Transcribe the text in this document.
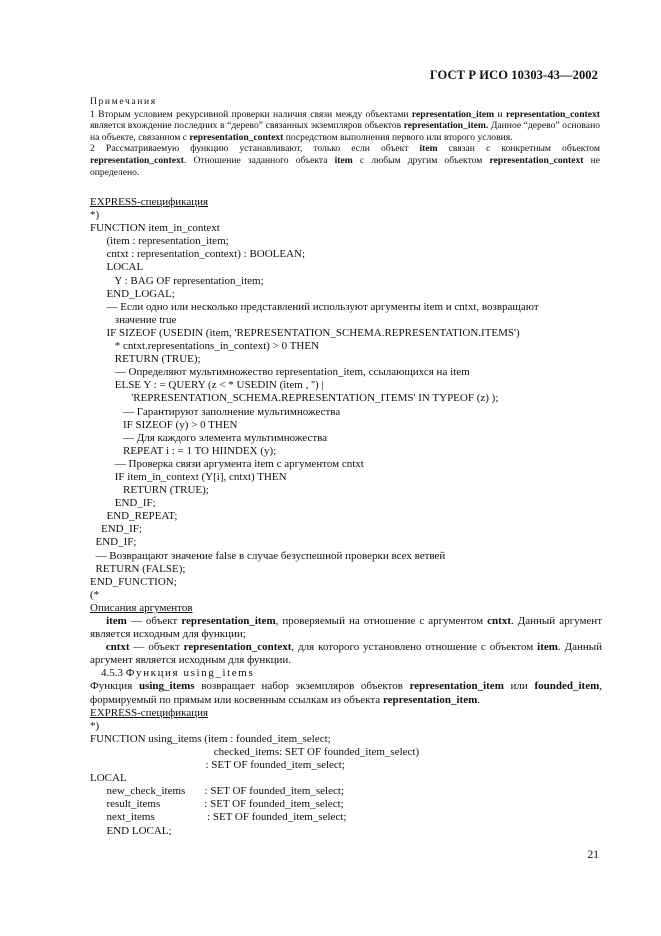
ГОСТ Р ИСО 10303-43—2002

Примечания

1 Вторым условием рекурсивной проверки наличия связи между объектами representation_item и representation_context является вхождение последних в “дерево” связанных экземпляров объектов representation_item. Данное “дерево” основано на объекте, связанном с representation_context посредством выполнения первого или второго условия.

2 Рассматриваемую функцию устанавливают, только если объект item связан с конкретным объектом representation_context. Отношение заданного объекта item с любым другим объектом representation_context не определено.

EXPRESS-спецификация
*)
FUNCTION item_in_context
(item : representation_item;
cntxt : representation_context) : BOOLEAN;
LOCAL
Y : BAG OF representation_item;
END_LOGAL;
— Если одно или несколько представлений используют аргументы item и cntxt, возвращают
значение true
IF SIZEOF (USEDIN (item, 'REPRESENTATION_SCHEMA.REPRESENTATION.ITEMS')
* cntxt.representations_in_context) > 0 THEN
RETURN (TRUE);
— Определяют мультимножество representation_item, ссылающихся на item
ELSE Y : = QUERY (z < * USEDIN (item , '') |
'REPRESENTATION_SCHEMA.REPRESENTATION_ITEMS' IN TYPEOF (z) );
— Гарантируют заполнение мультимножества
IF SIZEOF (y) > 0 THEN
— Для каждого элемента мультимножества
REPEAT i : = 1 TO HIINDEX (y);
— Проверка связи аргумента item с аргументом cntxt
IF item_in_context (Y[i], cntxt) THEN
RETURN (TRUE);
END_IF;
END_REPEAT;
END_IF;
END_IF;
— Возвращают значение false в случае безуспешной проверки всех ветвей
RETURN (FALSE);
END_FUNCTION;
(*
Описания аргументов

item — объект representation_item, проверяемый на отношение с аргументом cntxt. Данный аргумент является исходным для функции;

cntxt — объект representation_context, для которого установлено отношение с объектом item. Данный аргумент является исходным для функции.

4.5.3 Функция using_items

Функция using_items возвращает набор экземпляров объектов representation_item или founded_item, формируемый по прямым или косвенным ссылкам из объекта representation_item.

EXPRESS-спецификация
*)
FUNCTION using_items (item : founded_item_select;
checked_items: SET OF founded_item_select)
: SET OF founded_item_select;
LOCAL
new_check_items       : SET OF founded_item_select;
result_items                : SET OF founded_item_select;
next_items                   : SET OF founded_item_select;
END LOCAL;
21
